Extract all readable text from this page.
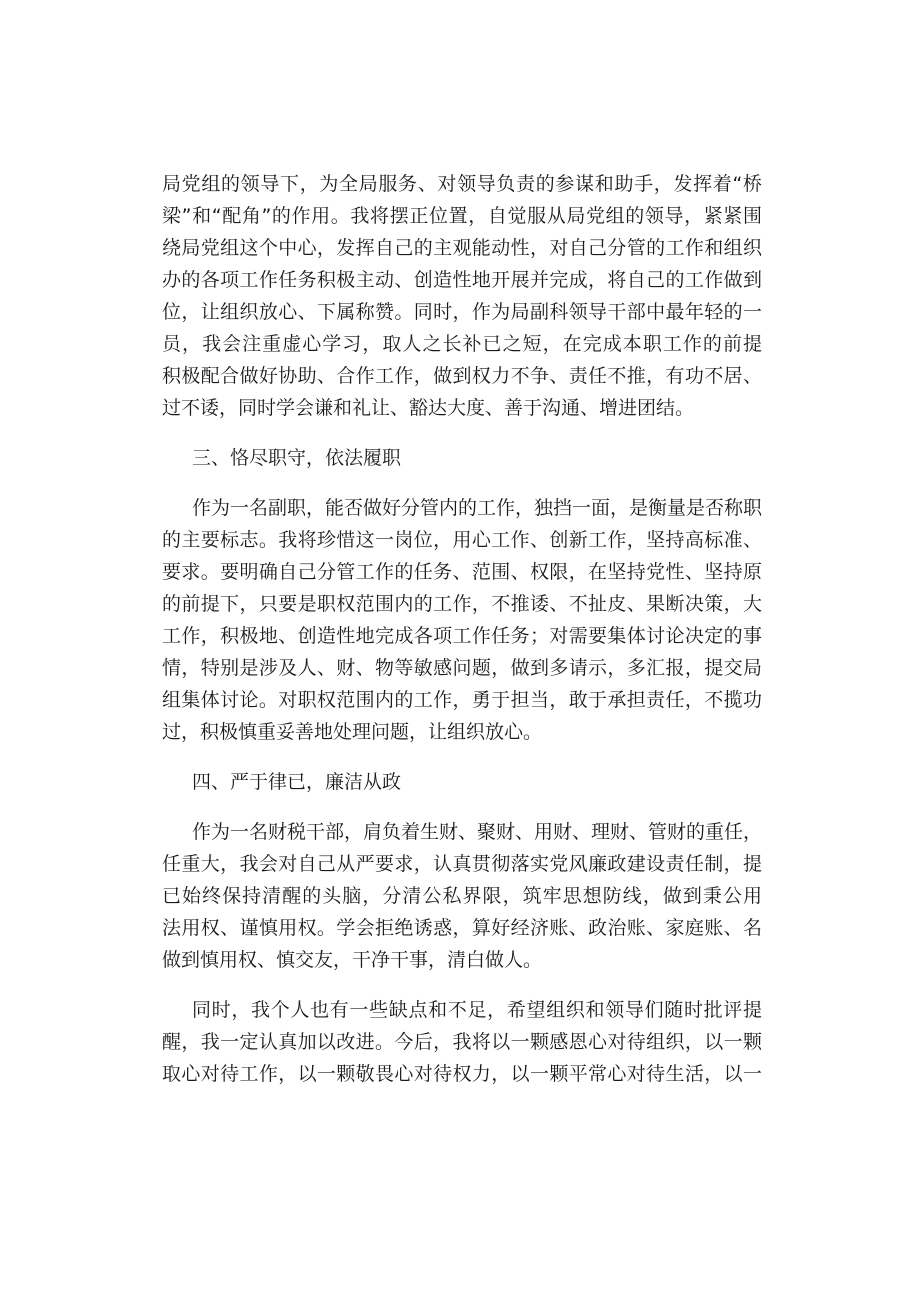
局党组的领导下，为全局服务、对领导负责的参谋和助手，发挥着“桥
梁”和“配角”的作用。我将摆正位置，自觉服从局党组的领导，紧紧围
绕局党组这个中心，发挥自己的主观能动性，对自己分管的工作和组织
办的各项工作任务积极主动、创造性地开展并完成，将自己的工作做到
位，让组织放心、下属称赞。同时，作为局副科领导干部中最年轻的一
员，我会注重虚心学习，取人之长补已之短，在完成本职工作的前提
积极配合做好协助、合作工作，做到权力不争、责任不推，有功不居、
过不诿，同时学会谦和礼让、豁达大度、善于沟通、增进团结。
三、恪尽职守，依法履职
作为一名副职，能否做好分管内的工作，独挡一面，是衡量是否称职
的主要标志。我将珍惜这一岗位，用心工作、创新工作，坚持高标准、
要求。要明确自己分管工作的任务、范围、权限，在坚持党性、坚持原
的前提下，只要是职权范围内的工作，不推诿、不扯皮、果断决策，大
工作，积极地、创造性地完成各项工作任务；对需要集体讨论决定的事
情，特别是涉及人、财、物等敏感问题，做到多请示，多汇报，提交局
组集体讨论。对职权范围内的工作，勇于担当，敢于承担责任，不揽功
过，积极慎重妥善地处理问题，让组织放心。
四、严于律已，廉洁从政
作为一名财税干部，肩负着生财、聚财、用财、理财、管财的重任，
任重大，我会对自己从严要求，认真贯彻落实党风廉政建设责任制，提
已始终保持清醒的头脑，分清公私界限，筑牢思想防线，做到秉公用
法用权、谨慎用权。学会拒绝诱惑，算好经济账、政治账、家庭账、名
做到慎用权、慎交友，干净干事，清白做人。
同时，我个人也有一些缺点和不足，希望组织和领导们随时批评提
醒，我一定认真加以改进。今后，我将以一颗感恩心对待组织，以一颗
取心对待工作，以一颗敬畏心对待权力，以一颗平常心对待生活，以一
